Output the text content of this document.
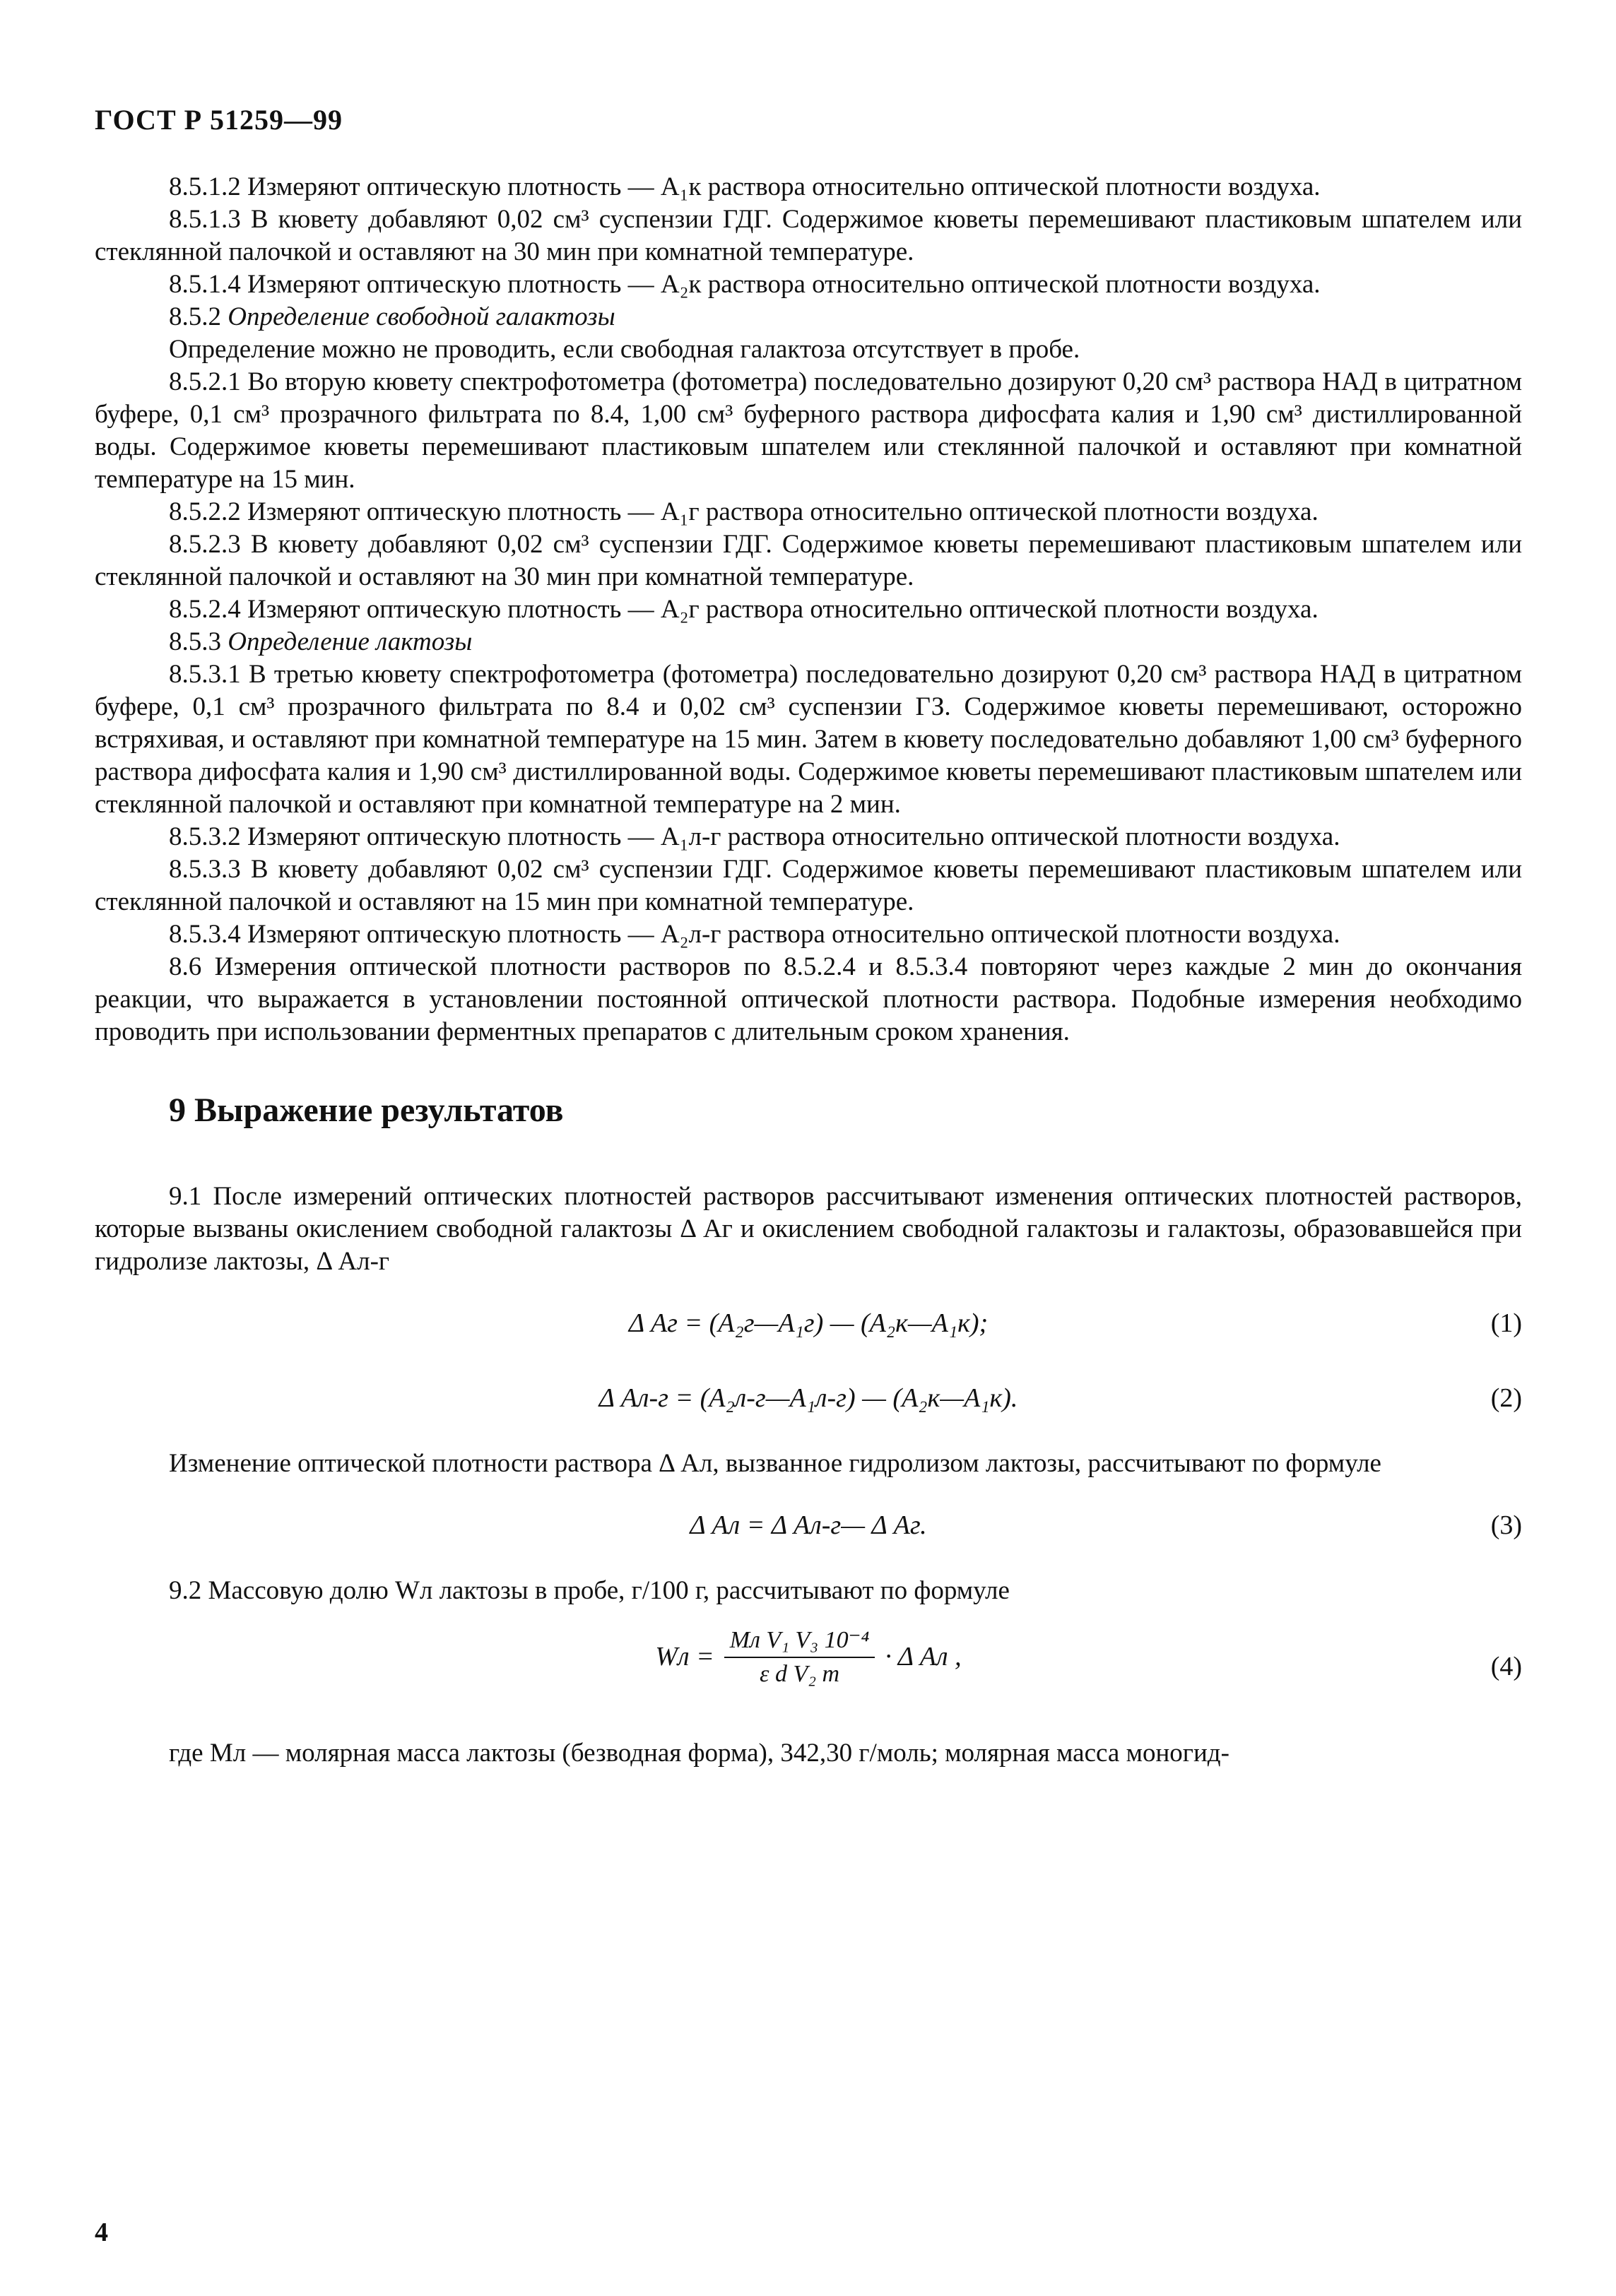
ГОСТ Р 51259—99

8.5.1.2 Измеряют оптическую плотность — A₁к раствора относительно оптической плотности воздуха.

8.5.1.3 В кювету добавляют 0,02 см³ суспензии ГДГ. Содержимое кюветы перемешивают пластиковым шпателем или стеклянной палочкой и оставляют на 30 мин при комнатной температуре.

8.5.1.4 Измеряют оптическую плотность — A₂к раствора относительно оптической плотности воздуха.

8.5.2 Определение свободной галактозы

Определение можно не проводить, если свободная галактоза отсутствует в пробе.

8.5.2.1 Во вторую кювету спектрофотометра (фотометра) последовательно дозируют 0,20 см³ раствора НАД в цитратном буфере, 0,1 см³ прозрачного фильтрата по 8.4, 1,00 см³ буферного раствора дифосфата калия и 1,90 см³ дистиллированной воды. Содержимое кюветы перемешивают пластиковым шпателем или стеклянной палочкой и оставляют при комнатной температуре на 15 мин.

8.5.2.2 Измеряют оптическую плотность — A₁г раствора относительно оптической плотности воздуха.

8.5.2.3 В кювету добавляют 0,02 см³ суспензии ГДГ. Содержимое кюветы перемешивают пластиковым шпателем или стеклянной палочкой и оставляют на 30 мин при комнатной температуре.

8.5.2.4 Измеряют оптическую плотность — A₂г раствора относительно оптической плотности воздуха.

8.5.3 Определение лактозы

8.5.3.1 В третью кювету спектрофотометра (фотометра) последовательно дозируют 0,20 см³ раствора НАД в цитратном буфере, 0,1 см³ прозрачного фильтрата по 8.4 и 0,02 см³ суспензии ГЗ. Содержимое кюветы перемешивают, осторожно встряхивая, и оставляют при комнатной температуре на 15 мин. Затем в кювету последовательно добавляют 1,00 см³ буферного раствора дифосфата калия и 1,90 см³ дистиллированной воды. Содержимое кюветы перемешивают пластиковым шпателем или стеклянной палочкой и оставляют при комнатной температуре на 2 мин.

8.5.3.2 Измеряют оптическую плотность — A₁л-г раствора относительно оптической плотности воздуха.

8.5.3.3 В кювету добавляют 0,02 см³ суспензии ГДГ. Содержимое кюветы перемешивают пластиковым шпателем или стеклянной палочкой и оставляют на 15 мин при комнатной температуре.

8.5.3.4 Измеряют оптическую плотность — A₂л-г раствора относительно оптической плотности воздуха.

8.6 Измерения оптической плотности растворов по 8.5.2.4 и 8.5.3.4 повторяют через каждые 2 мин до окончания реакции, что выражается в установлении постоянной оптической плотности раствора. Подобные измерения необходимо проводить при использовании ферментных препаратов с длительным сроком хранения.

9 Выражение результатов

9.1 После измерений оптических плотностей растворов рассчитывают изменения оптических плотностей растворов, которые вызваны окислением свободной галактозы Δ Aг и окислением свободной галактозы и галактозы, образовавшейся при гидролизе лактозы, Δ Aл-г

Δ Aг = (A₂г—A₁г) — (A₂к—A₁к);	(1)
Δ Aл-г = (A₂л-г—A₁л-г) — (A₂к—A₁к).	(2)

Изменение оптической плотности раствора Δ Aл, вызванное гидролизом лактозы, рассчитывают по формуле

Δ Aл = Δ Aл-г— Δ Aг.	(3)

9.2 Массовую долю Wл лактозы в пробе, г/100 г, рассчитывают по формуле

Wл = $\frac{\text{Mл V₁ V₃ 10⁻⁴}}{\text{ε d V₂ m}} \cdot \Delta$ Aл ,	(4)

где Mл — молярная масса лактозы (безводная форма), 342,30 г/моль; молярная масса моногид-

4
